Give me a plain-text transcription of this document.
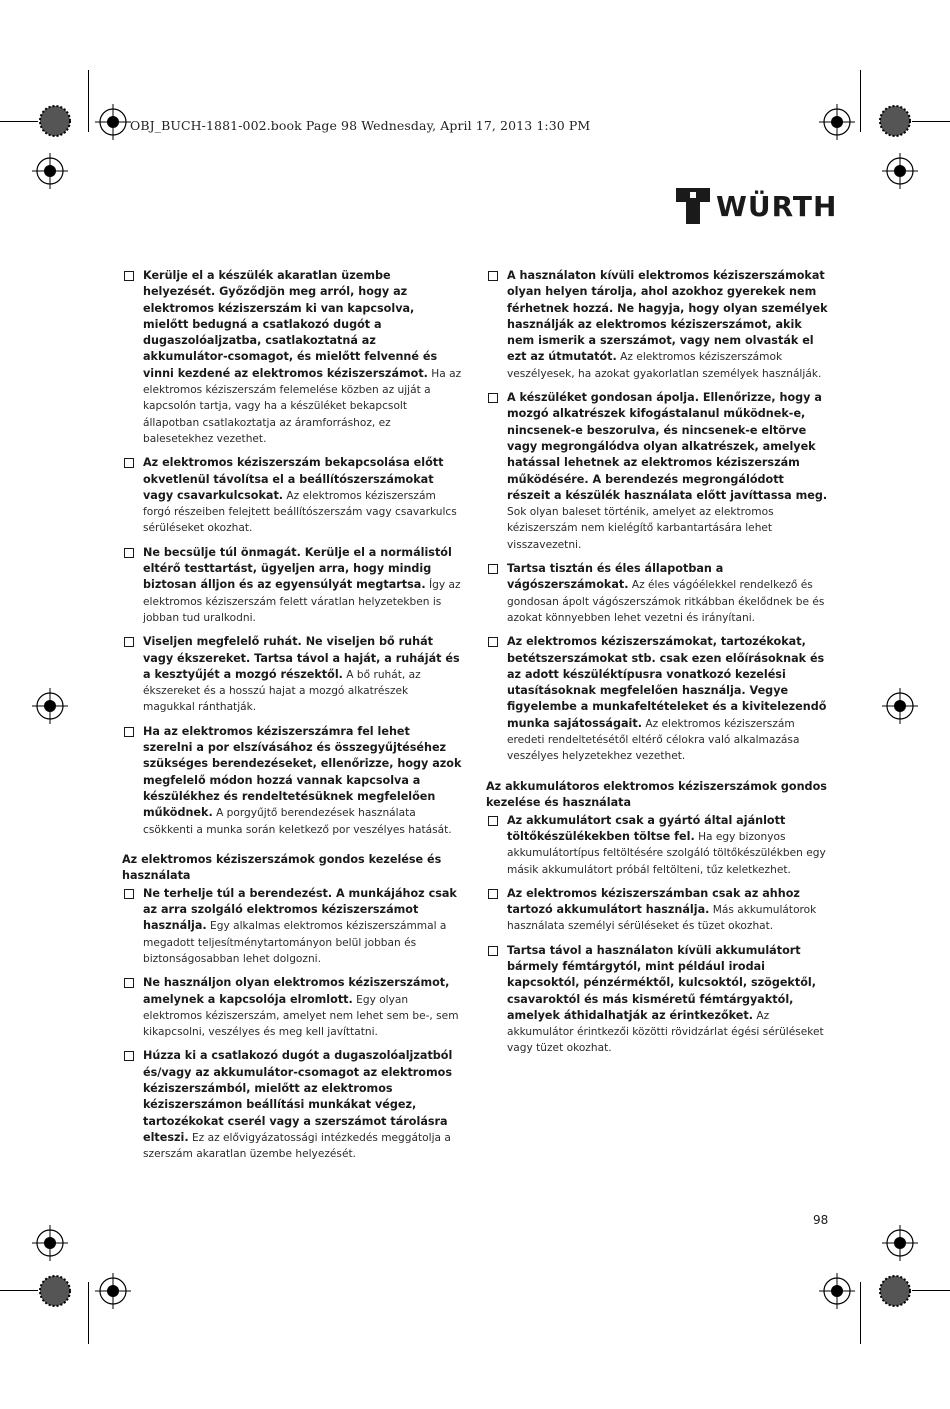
OBJ_BUCH-1881-002.book Page 98 Wednesday, April 17, 2013 1:30 PM
WÜRTH
Kerülje el a készülék akaratlan üzembe helyezését. Győződjön meg arról, hogy az elektromos kéziszerszám ki van kapcsolva, mielőtt bedugná a csatlakozó dugót a dugaszolóaljzatba, csatlakoztatná az akkumulátor-csomagot, és mielőtt felvenné és vinni kezdené az elektromos kéziszerszámot. Ha az elektromos kéziszerszám felemelése közben az ujját a kapcsolón tartja, vagy ha a készüléket bekapcsolt állapotban csatlakoztatja az áramforráshoz, ez balesetekhez vezethet.
Az elektromos kéziszerszám bekapcsolása előtt okvetlenül távolítsa el a beállítószerszámokat vagy csavarkulcsokat. Az elektromos kéziszerszám forgó részeiben felejtett beállítószerszám vagy csavarkulcs sérüléseket okozhat.
Ne becsülje túl önmagát. Kerülje el a normálistól eltérő testtartást, ügyeljen arra, hogy mindig biztosan álljon és az egyensúlyát megtartsa. Így az elektromos kéziszerszám felett váratlan helyzetekben is jobban tud uralkodni.
Viseljen megfelelő ruhát. Ne viseljen bő ruhát vagy ékszereket. Tartsa távol a haját, a ruháját és a kesztyűjét a mozgó részektől. A bő ruhát, az ékszereket és a hosszú hajat a mozgó alkatrészek magukkal ránthatják.
Ha az elektromos kéziszerszámra fel lehet szerelni a por elszívásához és összegyűjtéséhez szükséges berendezéseket, ellenőrizze, hogy azok megfelelő módon hozzá vannak kapcsolva a készülékhez és rendeltetésüknek megfelelően működnek. A porgyűjtő berendezések használata csökkenti a munka során keletkező por veszélyes hatását.
Az elektromos kéziszerszámok gondos kezelése és használata
Ne terhelje túl a berendezést. A munkájához csak az arra szolgáló elektromos kéziszerszámot használja. Egy alkalmas elektromos kéziszerszámmal a megadott teljesítménytartományon belül jobban és biztonságosabban lehet dolgozni.
Ne használjon olyan elektromos kéziszerszámot, amelynek a kapcsolója elromlott. Egy olyan elektromos kéziszerszám, amelyet nem lehet sem be-, sem kikapcsolni, veszélyes és meg kell javíttatni.
Húzza ki a csatlakozó dugót a dugaszolóaljzatból és/vagy az akkumulátor-csomagot az elektromos kéziszerszámból, mielőtt az elektromos kéziszerszámon beállítási munkákat végez, tartozékokat cserél vagy a szerszámot tárolásra elteszi. Ez az elővigyázatossági intézkedés meggátolja a szerszám akaratlan üzembe helyezését.
A használaton kívüli elektromos kéziszerszámokat olyan helyen tárolja, ahol azokhoz gyerekek nem férhetnek hozzá. Ne hagyja, hogy olyan személyek használják az elektromos kéziszerszámot, akik nem ismerik a szerszámot, vagy nem olvasták el ezt az útmutatót. Az elektromos kéziszerszámok veszélyesek, ha azokat gyakorlatlan személyek használják.
A készüléket gondosan ápolja. Ellenőrizze, hogy a mozgó alkatrészek kifogástalanul működnek-e, nincsenek-e beszorulva, és nincsenek-e eltörve vagy megrongálódva olyan alkatrészek, amelyek hatással lehetnek az elektromos kéziszerszám működésére. A berendezés megrongálódott részeit a készülék használata előtt javíttassa meg. Sok olyan baleset történik, amelyet az elektromos kéziszerszám nem kielégítő karbantartására lehet visszavezetni.
Tartsa tisztán és éles állapotban a vágószerszámokat. Az éles vágóélekkel rendelkező és gondosan ápolt vágószerszámok ritkábban ékelődnek be és azokat könnyebben lehet vezetni és irányítani.
Az elektromos kéziszerszámokat, tartozékokat, betétszerszámokat stb. csak ezen előírásoknak és az adott készüléktípusra vonatkozó kezelési utasításoknak megfelelően használja. Vegye figyelembe a munkafeltételeket és a kivitelezendő munka sajátosságait. Az elektromos kéziszerszám eredeti rendeltetésétől eltérő célokra való alkalmazása veszélyes helyzetekhez vezethet.
Az akkumulátoros elektromos kéziszerszámok gondos kezelése és használata
Az akkumulátort csak a gyártó által ajánlott töltőkészülékekben töltse fel. Ha egy bizonyos akkumulátortípus feltöltésére szolgáló töltőkészülékben egy másik akkumulátort próbál feltölteni, tűz keletkezhet.
Az elektromos kéziszerszámban csak az ahhoz tartozó akkumulátort használja. Más akkumulátorok használata személyi sérüléseket és tüzet okozhat.
Tartsa távol a használaton kívüli akkumulátort bármely fémtárgytól, mint például irodai kapcsoktól, pénzérméktől, kulcsoktól, szögektől, csavaroktól és más kisméretű fémtárgyaktól, amelyek áthidalhatják az érintkezőket. Az akkumulátor érintkezői közötti rövidzárlat égési sérüléseket vagy tüzet okozhat.
98
